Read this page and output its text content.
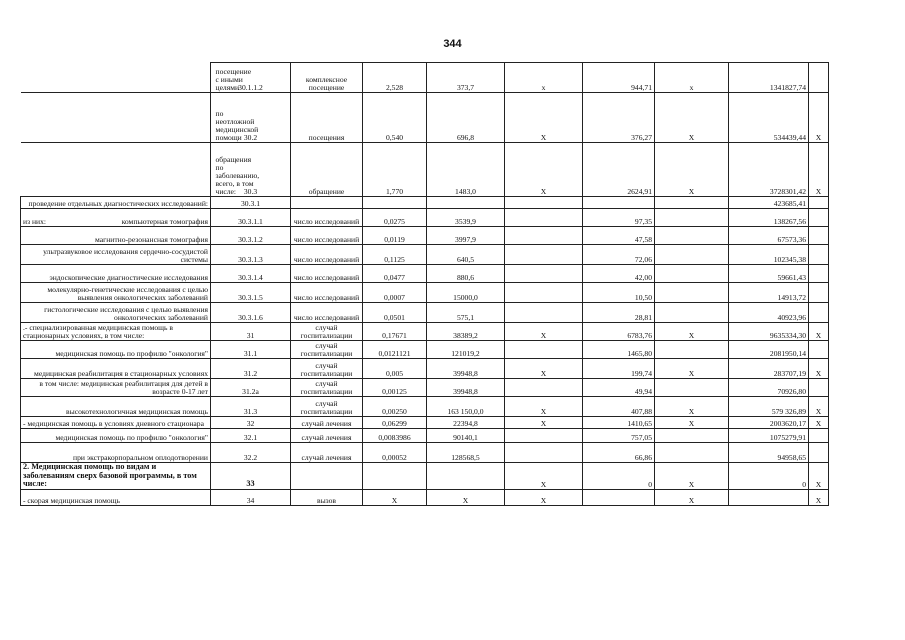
344
посещение с иными целями	30.1.1.2	комплексное посещение	2,528	373,7	х	944,71	х	1341827,74	

по неотложной медицинской помощи	30.2	посещения	0,540	696,8	Х	376,27	Х	534439,44	Х

обращения по заболеванию, всего, в том числе:	30.3	обращение	1,770	1483,0	Х	2624,91	Х	3728301,42	Х
проведение отдельных диагностических исследований:	30.3.1							423685,41	

из них: компьютерная томография	30.3.1.1	число исследований	0,0275	3539,9		97,35		138267,56	
магнитно-резонансная томография	30.3.1.2	число исследований	0,0119	3997,9		47,58		67573,36	
ультразвуковое исследования сердечно-сосудистой системы	30.3.1.3	число исследований	0,1125	640,5		72,06		102345,38	
эндоскопические диагностические исследования	30.3.1.4	число исследований	0,0477	880,6		42,00		59661,43	
молекулярно-генетические исследования с целью выявления онкологических заболеваний	30.3.1.5	число исследований	0,0007	15000,0		10,50		14913,72	
гистологические исследования с целью выявления онкологических заболеваний	30.3.1.6	число исследований	0,0501	575,1		28,81		40923,96	
.- специализированная медицинская помощь в стационарных условиях, в том числе:	31	случай госпитализации	0,17671	38389,2	Х	6783,76	Х	9635334,30	Х
медицинская помощь по профилю "онкология"	31.1	случай госпитализации	0,0121121	121019,2		1465,80		2081950,14	
медицинская реабилитация в стационарных условиях	31.2	случай госпитализации	0,005	39948,8	Х	199,74	Х	283707,19	Х
в том числе: медицинская реабилитация для детей в возрасте 0-17 лет	31.2а	случай госпитализации	0,00125	39948,8		49,94		70926,80	
высокотехнологичная медицинская помощь	31.3	случай госпитализации	0,00250	163 150,0,0	Х	407,88	Х	579 326,89	Х
- медицинская помощь в условиях дневного стационара	32	случай лечения	0,06299	22394,8	Х	1410,65	Х	2003620,17	Х
медицинская помощь по профилю "онкология"	32.1	случай лечения	0,0083986	90140,1		757,05		1075279,91	
при экстракорпоральном оплодотворении	32.2	случай лечения	0,00052	128568,5		66,86		94958,65	
2. Медицинская помощь по видам и заболеваниям сверх базовой программы, в том числе:	33				Х	0	Х	0	Х
- скорая медицинская помощь	34	вызов	Х	Х	Х		Х		Х
